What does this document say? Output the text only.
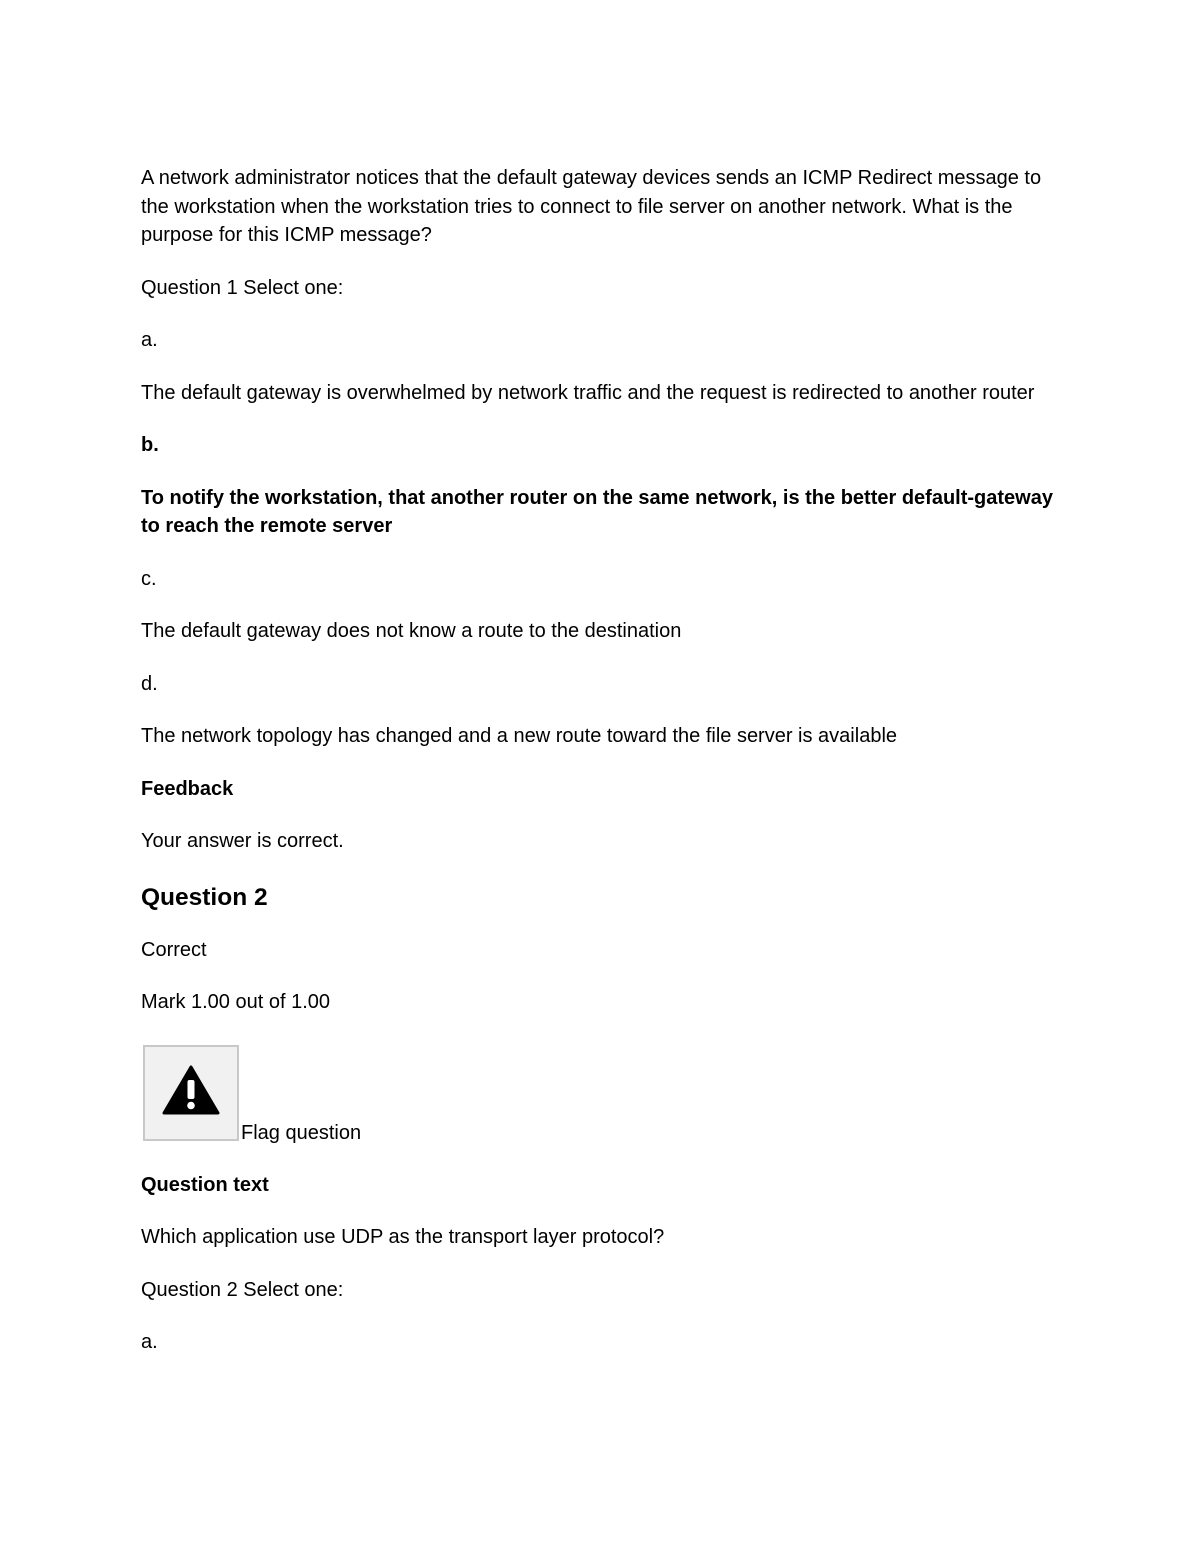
A network administrator notices that the default gateway devices sends an ICMP Redirect message to the workstation when the workstation tries to connect to file server on another network. What is the purpose for this ICMP message?

Question 1 Select one:

a.

The default gateway is overwhelmed by network traffic and the request is redirected to another router

b.

To notify the workstation, that another router on the same network, is the better default-gateway to reach the remote server

c.

The default gateway does not know a route to the destination

d.

The network topology has changed and a new route toward the file server is available

Feedback

Your answer is correct.

Question 2

Correct

Mark 1.00 out of 1.00

Flag question

Question text

Which application use UDP as the transport layer protocol?

Question 2 Select one:

a.
